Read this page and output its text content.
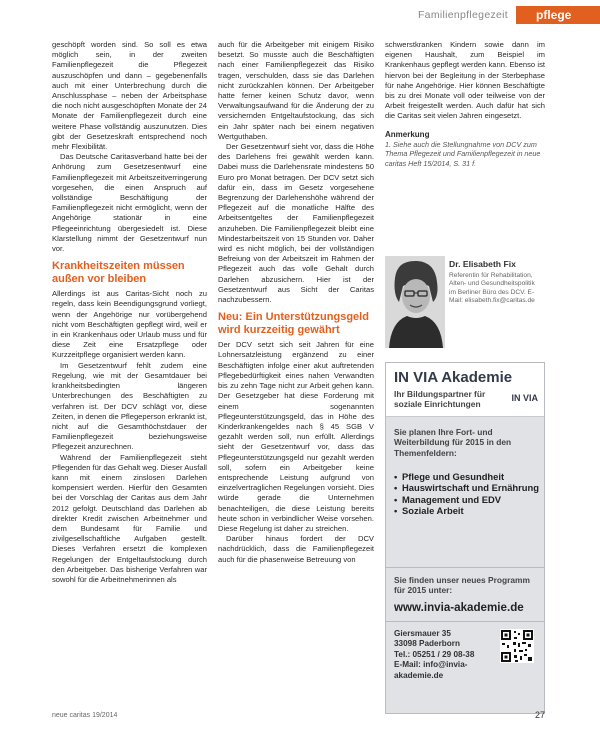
Familienpflegezeit	pflege

geschöpft worden sind. So soll es etwa möglich sein, in der zweiten Familienpflegezeit die Pflegezeit auszuschöpfen und dann – gegebenenfalls auch mit einer Unterbrechung durch die Anschlussphase – neben der Arbeitsphase die noch nicht ausgeschöpften Monate der 24 Monate der Familienpflegezeit durch eine weitere Phase vollständig auszunutzen. Dies gibt der Gesetzeskraft entsprechend noch mehr Flexibilität.

Das Deutsche Caritasverband hatte bei der Anhörung zum Gesetzesentwurf eine Familienpflegezeit mit Arbeitszeitverringerung vorgesehen, die einen Anspruch auf vollständige Beschäftigung der Familienpflegezeit nicht ermöglicht, wenn der Angehörige stationär in eine Pflegeeinrichtung übergesiedelt ist. Diese Klarstellung nimmt der Gesetzentwurf nun vor.

Krankheitszeiten müssen außen vor bleiben

Allerdings ist aus Caritas-Sicht noch zu regeln, dass kein Beendigungsgrund vorliegt, wenn der Angehörige nur vorübergehend nicht vom Beschäftigten gepflegt wird, weil er in ein Krankenhaus oder Urlaub muss und für diese Zeit eine Ersatzpflege oder Kurzzeitpflege organisiert werden kann.

Im Gesetzentwurf fehlt zudem eine Regelung, wie mit der Gesamtdauer bei krankheitsbedingten längeren Unterbrechungen des Beschäftigten zu verfahren ist. Der DCV schlägt vor, diese Zeiten, in denen die Pflegeperson erkrankt ist, nicht auf die Gesamthöchstdauer der Familienpflegezeit beziehungsweise Pflegezeit anzurechnen.

Während der Familienpflegezeit steht Pflegenden für das Gehalt weg. Dieser Ausfall kann mit einem zinslosen Darlehen kompensiert werden. Hierfür den Gesamten bei der Vorschlag der Caritas aus dem Jahr 2012 gefolgt. Deutschland das Darlehen ab direkter Kredit zwischen Arbeitnehmer und dem Bundesamt für Familie und zivilgesellschaftliche Aufgaben gestellt. Dieses Verfahren ersetzt die komplexen Regelungen der Entgeltaufstockung durch den Arbeitgeber. Das bisherige Verfahren war sowohl für die Arbeitnehmerinnen als

auch für die Arbeitgeber mit einigem Risiko besetzt. So musste auch die Beschäftigten nach einer Familienpflegezeit das Risiko tragen, verschulden, dass sie das Darlehen nicht zurückzahlen können. Der Arbeitgeber hatte ferner keinen Schutz davor, wenn Verwaltungsaufwand für die Änderung der zu versichernden Entgeltaufstockung, das sich ein Jahr später nach bei einem negativen Wertguthaben.

Der Gesetzentwurf sieht vor, dass die Höhe des Darlehens frei gewählt werden kann. Dabei muss die Darlehensrate mindestens 50 Euro pro Monat betragen. Der DCV setzt sich dafür ein, dass im Gesetz vorgesehene Begrenzung der Darlehenshöhe während der Pflegezeit auf die monatliche Hälfte des Arbeitsentgeltes der Familienpflegezeit anzuheben. Die Familienpflegezeit bleibt eine Mindestarbeitszeit von 15 Stunden vor. Daher wird es nicht möglich, bei der vollständigen Befreiung von der Arbeitszeit im Rahmen der Pflegezeit auch das volle Gehalt durch Darlehen abzusichern. Hier ist der Gesetzentwurf aus Sicht der Caritas nachzubessern.

Neu: Ein Unterstützungsgeld wird kurzzeitig gewährt

Der DCV setzt sich seit Jahren für eine Lohnersatzleistung ergänzend zu einer Beschäftigten infolge einer akut auftretenden Pflegebedürftigkeit eines nahen Verwandten bis zu zehn Tage nicht zur Arbeit gehen kann. Der Gesetzgeber hat diese Forderung mit einem sogenannten Pflegeunterstützungsgeld, das in Höhe des Kinderkrankengeldes nach § 45 SGB V gezahlt werden soll, nun erfüllt. Allerdings sieht der Gesetzentwurf vor, dass das Pflegeunterstützungsgeld nur gezahlt werden soll, sofern ein Arbeitgeber keine entsprechende Leistung aufgrund von einzelvertraglichen Regelungen vorsieht. Dies würde gerade die Unternehmen benachteiligen, die diese Leistung bereits heute schon in verbindlicher Weise vorsehen. Diese Regelung ist daher zu streichen.

Darüber hinaus fordert der DCV nachdrücklich, dass die Familienpflegezeit auch für die phasenweise Betreuung von

schwerstkranken Kindern sowie dann im eigenen Haushalt, zum Beispiel im Krankenhaus gepflegt werden kann. Ebenso ist hiervon bei der Begleitung in der Sterbephase für nahe Angehörige. Hier können Beschäftigte bis zu drei Monate voll oder teilweise von der Arbeit freigestellt werden. Auch dafür hat sich die Caritas seit vielen Jahren eingesetzt.

Anmerkung
1. Siehe auch die Stellungnahme von DCV zum Thema Pflegezeit und Familienpflegezeit in neue caritas Heft 15/2014, S. 31 f.
Dr. Elisabeth Fix
Referentin für Rehabilitation, Alten- und Gesundheitspolitik im Berliner Büro des DCV. E-Mail: elisabeth.fix@caritas.de
IN VIA Akademie
Ihr Bildungspartner für soziale Einrichtungen
IN VIA
Sie planen Ihre Fort- und Weiterbildung für 2015 in den Themenfeldern:
• Pflege und Gesundheit
• Hauswirtschaft und Ernährung
• Management und EDV
• Soziale Arbeit
Sie finden unser neues Programm für 2015 unter:
www.invia-akademie.de
Giersmauer 35
33098 Paderborn
Tel.: 05251 / 29 08-38
E-Mail: info@invia-akademie.de
neue caritas 19/2014	27
